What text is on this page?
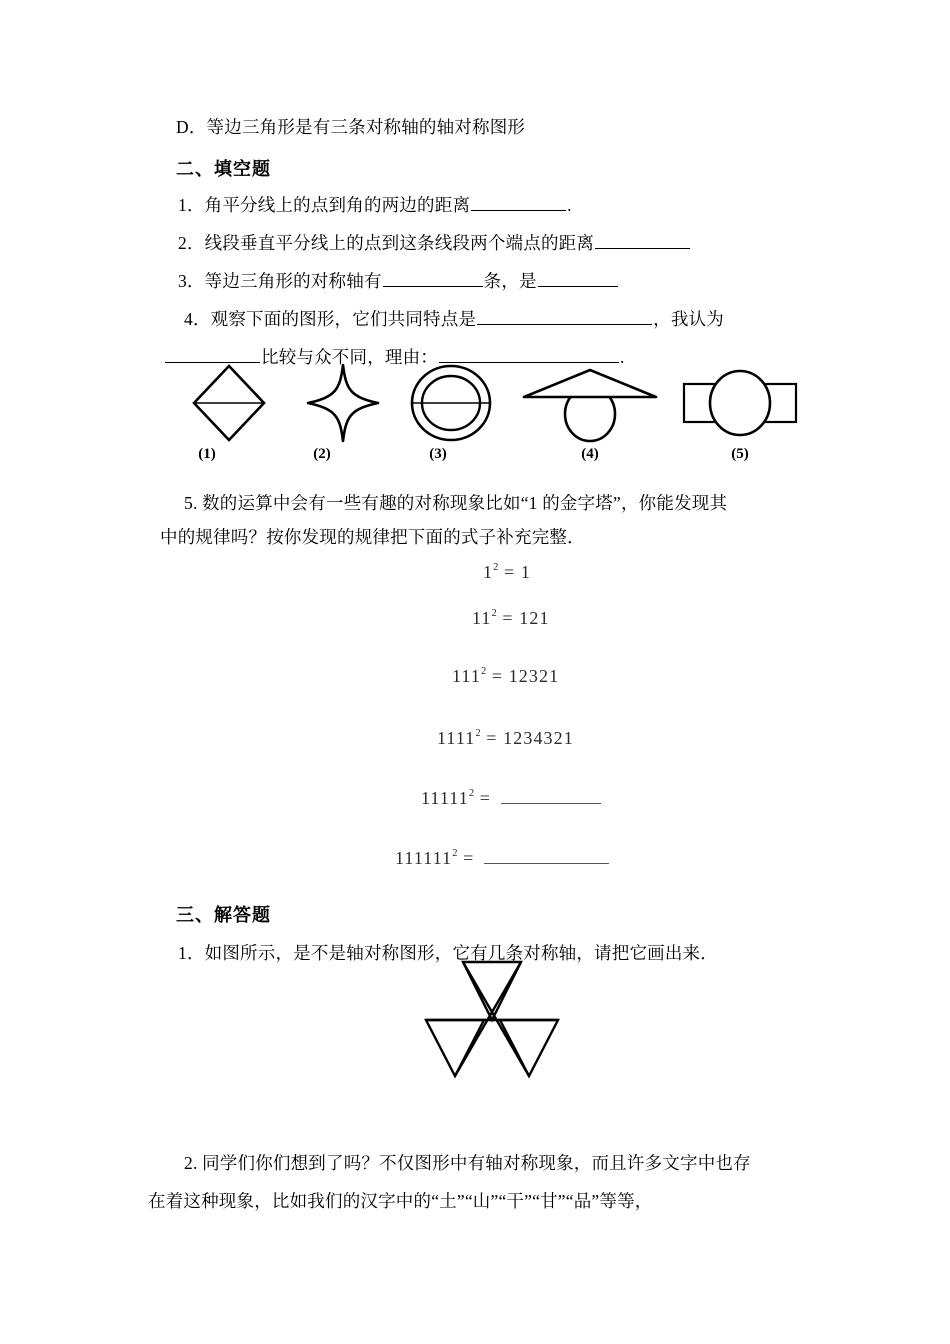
D．等边三角形是有三条对称轴的轴对称图形
二、填空题
1．角平分线上的点到角的两边的距离	.
2．线段垂直平分线上的点到这条线段两个端点的距离
3．等边三角形的对称轴有	条，是
4．观察下面的图形，它们共同特点是	，我认为
比较与众不同，理由：	.
(1)	(2)	(3)	(4)	(5)
5. 数的运算中会有一些有趣的对称现象比如“1 的金字塔”，你能发现其
中的规律吗？按你发现的规律把下面的式子补充完整．
$1^2 = 1$
$11^2 = 121$
$111^2 = 12321$
$1111^2 = 1234321$
$11111^2$ =
$111111^2$ =
三、解答题
1．如图所示，是不是轴对称图形，它有几条对称轴，请把它画出来．
2. 同学们你们想到了吗？不仅图形中有轴对称现象，而且许多文字中也存
在着这种现象，比如我们的汉字中的“土”“山”“干”“甘”“品”等等，
